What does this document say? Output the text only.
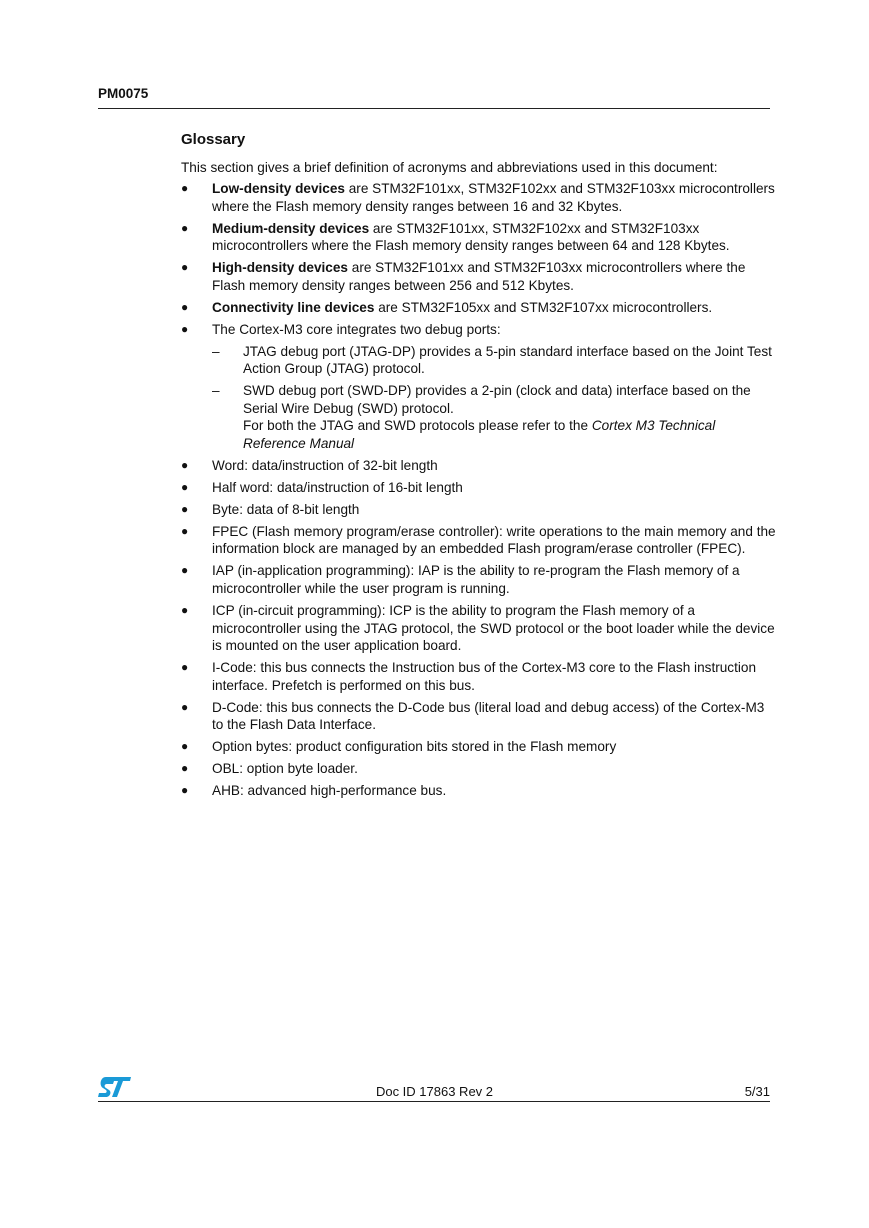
PM0075
Glossary

This section gives a brief definition of acronyms and abbreviations used in this document:

● Low-density devices are STM32F101xx, STM32F102xx and STM32F103xx microcontrollers where the Flash memory density ranges between 16 and 32 Kbytes.
● Medium-density devices are STM32F101xx, STM32F102xx and STM32F103xx microcontrollers where the Flash memory density ranges between 64 and 128 Kbytes.
● High-density devices are STM32F101xx and STM32F103xx microcontrollers where the Flash memory density ranges between 256 and 512 Kbytes.
● Connectivity line devices are STM32F105xx and STM32F107xx microcontrollers.
● The Cortex-M3 core integrates two debug ports:
– JTAG debug port (JTAG-DP) provides a 5-pin standard interface based on the Joint Test Action Group (JTAG) protocol.
– SWD debug port (SWD-DP) provides a 2-pin (clock and data) interface based on the Serial Wire Debug (SWD) protocol.
For both the JTAG and SWD protocols please refer to the Cortex M3 Technical Reference Manual
● Word: data/instruction of 32-bit length
● Half word: data/instruction of 16-bit length
● Byte: data of 8-bit length
● FPEC (Flash memory program/erase controller): write operations to the main memory and the information block are managed by an embedded Flash program/erase controller (FPEC).
● IAP (in-application programming): IAP is the ability to re-program the Flash memory of a microcontroller while the user program is running.
● ICP (in-circuit programming): ICP is the ability to program the Flash memory of a microcontroller using the JTAG protocol, the SWD protocol or the boot loader while the device is mounted on the user application board.
● I-Code: this bus connects the Instruction bus of the Cortex-M3 core to the Flash instruction interface. Prefetch is performed on this bus.
● D-Code: this bus connects the D-Code bus (literal load and debug access) of the Cortex-M3 to the Flash Data Interface.
● Option bytes: product configuration bits stored in the Flash memory
● OBL: option byte loader.
● AHB: advanced high-performance bus.
Doc ID 17863 Rev 2	5/31
